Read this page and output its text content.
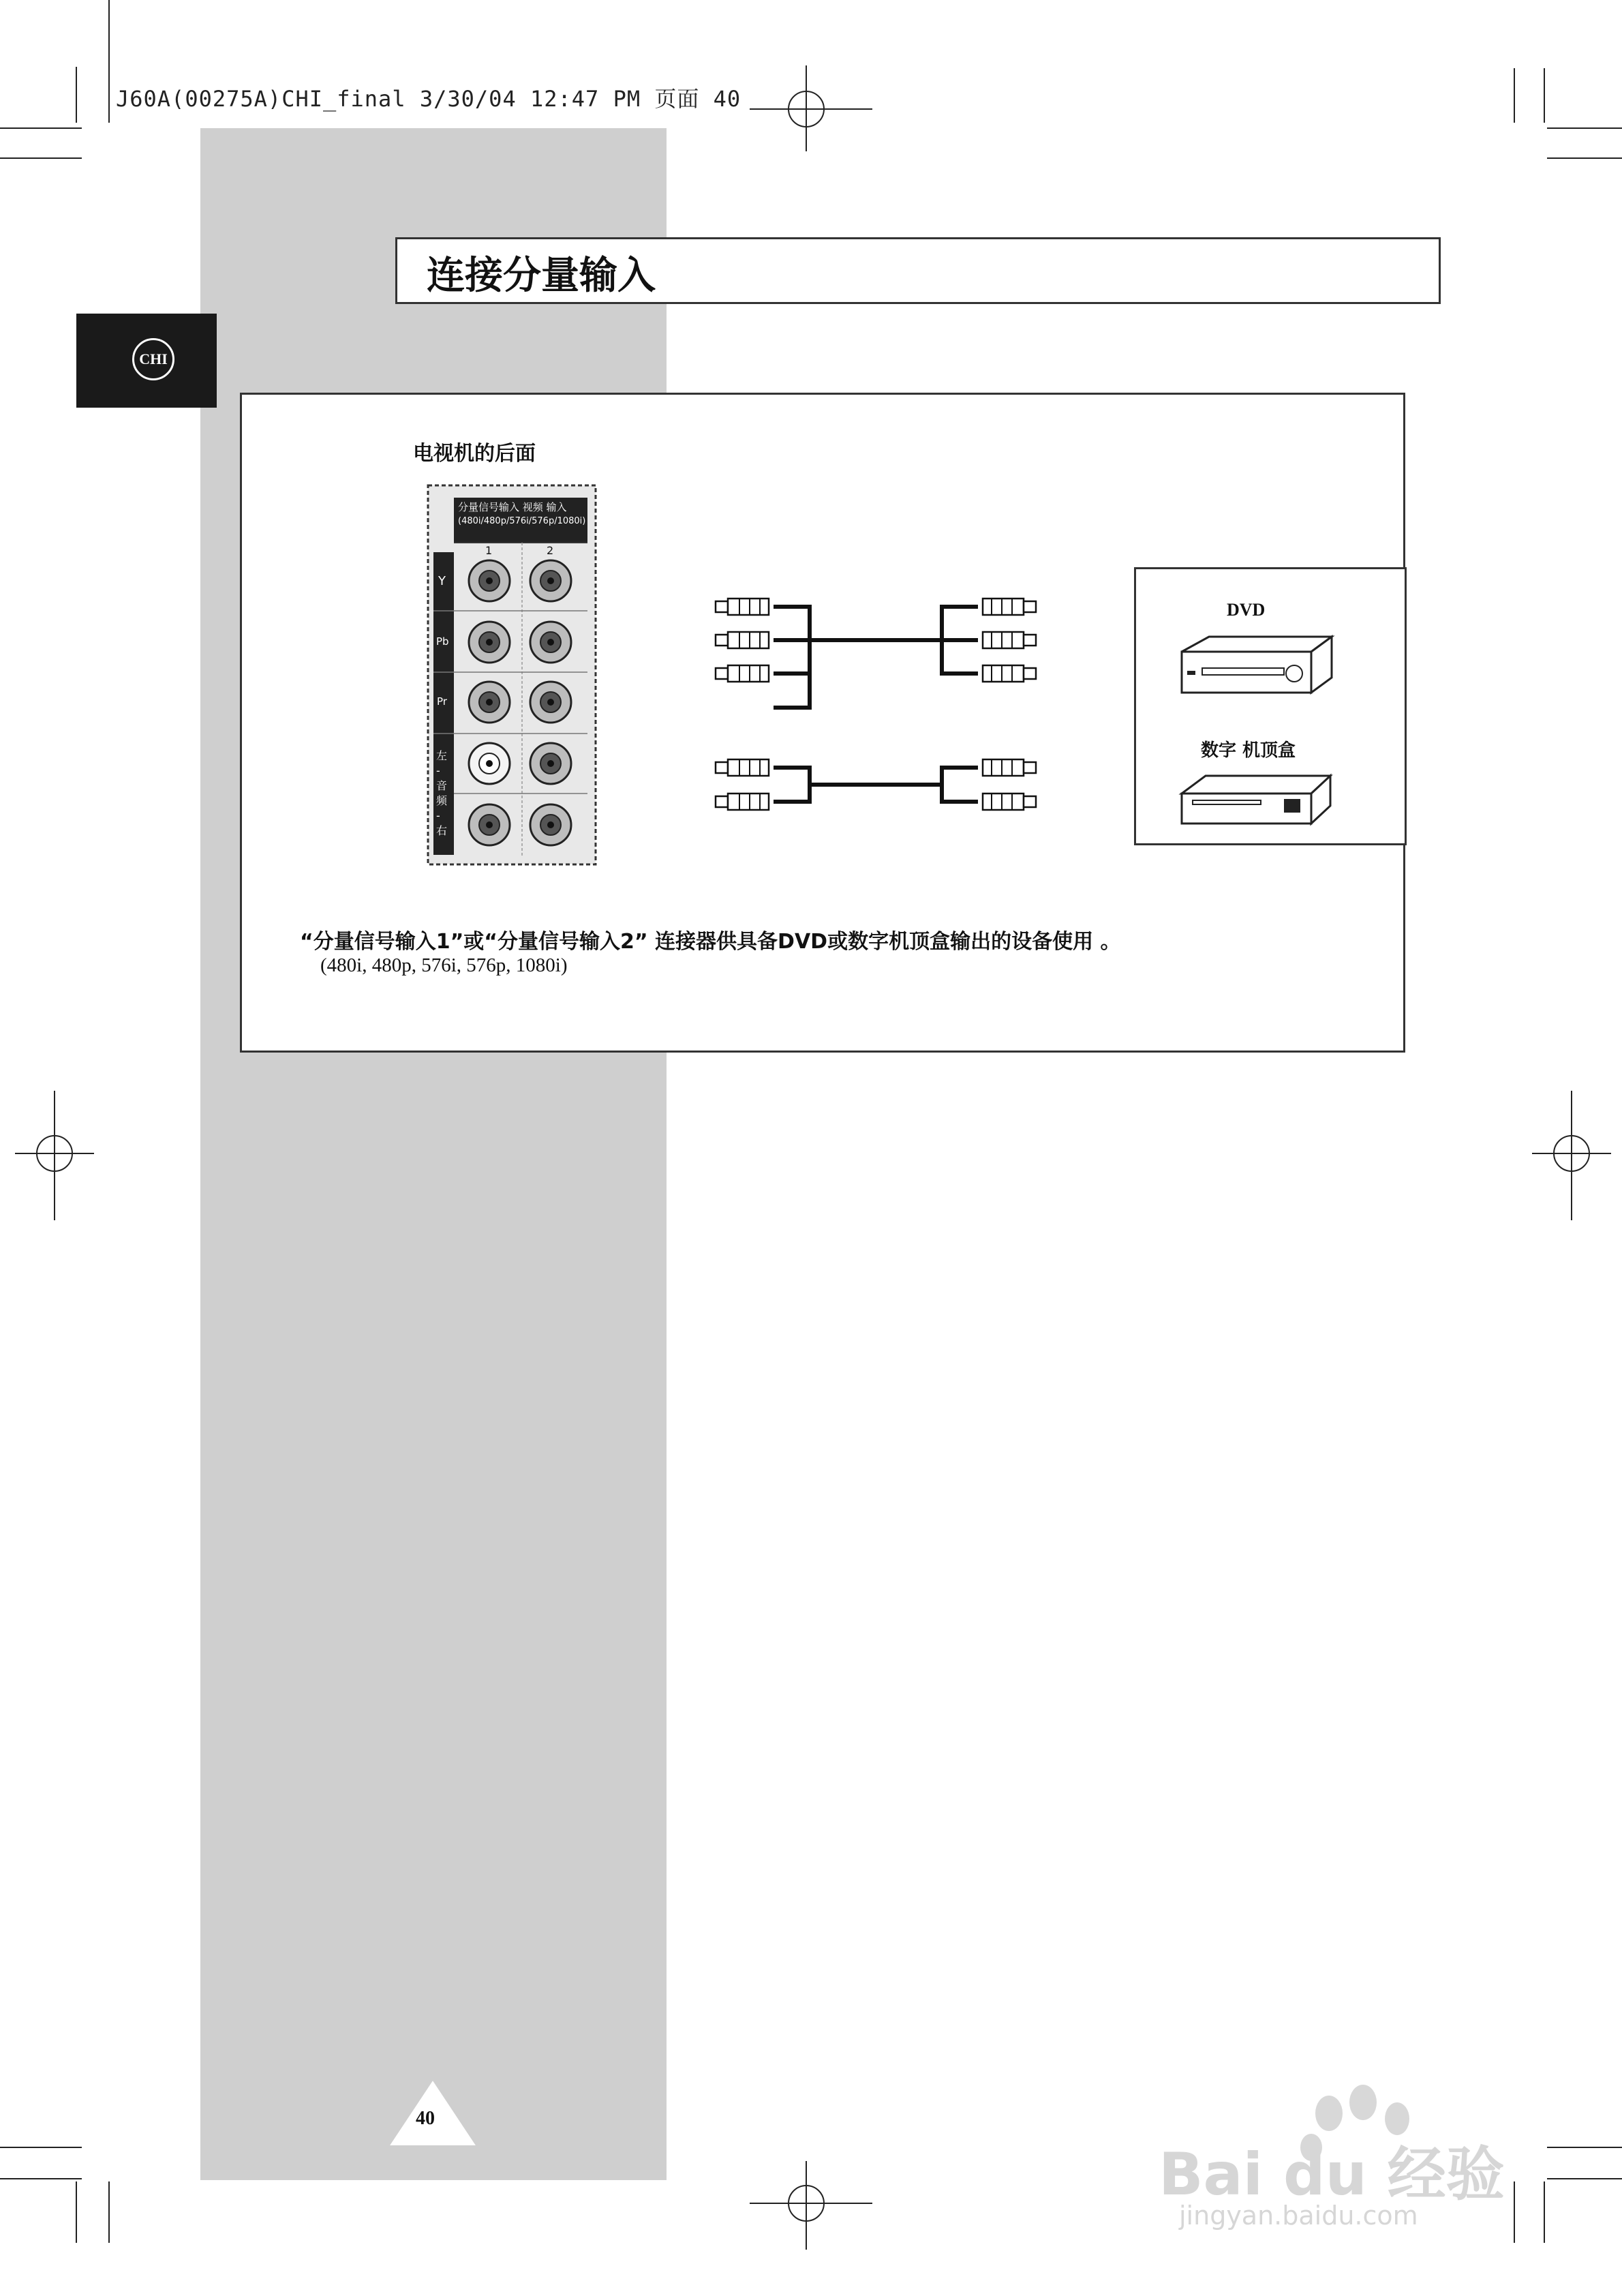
J60A(00275A)CHI_final 3/30/04 12:47 PM 页面 40
CHI
连接分量输入
电视机的后面
分量信号输入 视频 输入
(480i/480p/576i/576p/1080i)
1	2
Y
Pb
Pr
左 - 音频 - 右
DVD
数字 机顶盒
“分量信号输入1”或“分量信号输入2” 连接器供具备DVD或数字机顶盒输出的设备使用 。
(480i, 480p, 576i, 576p, 1080i)
40
Bai du 经验
jingyan.baidu.com
